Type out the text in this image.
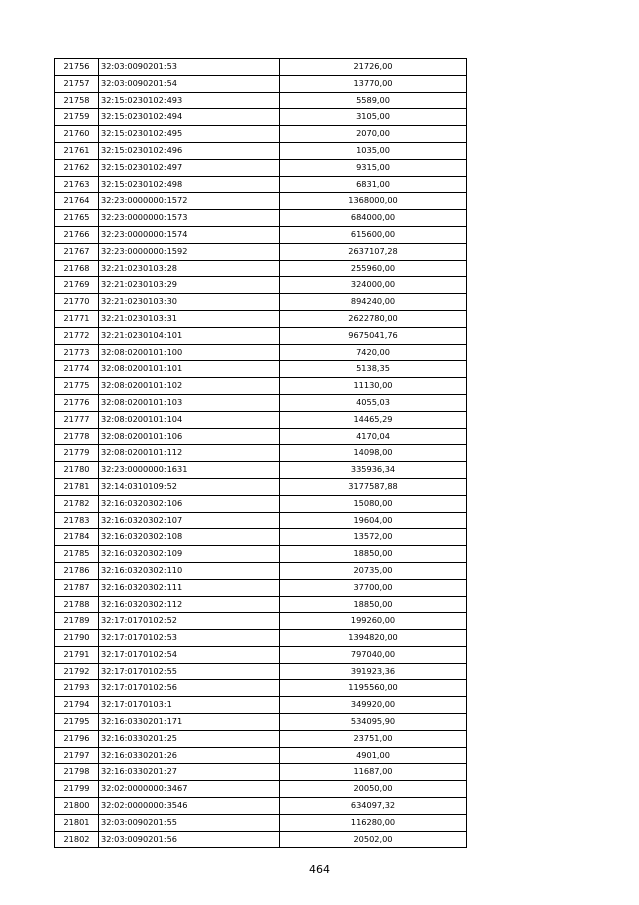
21756	32:03:0090201:53	21726,00
21757	32:03:0090201:54	13770,00
21758	32:15:0230102:493	5589,00
21759	32:15:0230102:494	3105,00
21760	32:15:0230102:495	2070,00
21761	32:15:0230102:496	1035,00
21762	32:15:0230102:497	9315,00
21763	32:15:0230102:498	6831,00
21764	32:23:0000000:1572	1368000,00
21765	32:23:0000000:1573	684000,00
21766	32:23:0000000:1574	615600,00
21767	32:23:0000000:1592	2637107,28
21768	32:21:0230103:28	255960,00
21769	32:21:0230103:29	324000,00
21770	32:21:0230103:30	894240,00
21771	32:21:0230103:31	2622780,00
21772	32:21:0230104:101	9675041,76
21773	32:08:0200101:100	7420,00
21774	32:08:0200101:101	5138,35
21775	32:08:0200101:102	11130,00
21776	32:08:0200101:103	4055,03
21777	32:08:0200101:104	14465,29
21778	32:08:0200101:106	4170,04
21779	32:08:0200101:112	14098,00
21780	32:23:0000000:1631	335936,34
21781	32:14:0310109:52	3177587,88
21782	32:16:0320302:106	15080,00
21783	32:16:0320302:107	19604,00
21784	32:16:0320302:108	13572,00
21785	32:16:0320302:109	18850,00
21786	32:16:0320302:110	20735,00
21787	32:16:0320302:111	37700,00
21788	32:16:0320302:112	18850,00
21789	32:17:0170102:52	199260,00
21790	32:17:0170102:53	1394820,00
21791	32:17:0170102:54	797040,00
21792	32:17:0170102:55	391923,36
21793	32:17:0170102:56	1195560,00
21794	32:17:0170103:1	349920,00
21795	32:16:0330201:171	534095,90
21796	32:16:0330201:25	23751,00
21797	32:16:0330201:26	4901,00
21798	32:16:0330201:27	11687,00
21799	32:02:0000000:3467	20050,00
21800	32:02:0000000:3546	634097,32
21801	32:03:0090201:55	116280,00
21802	32:03:0090201:56	20502,00
464
